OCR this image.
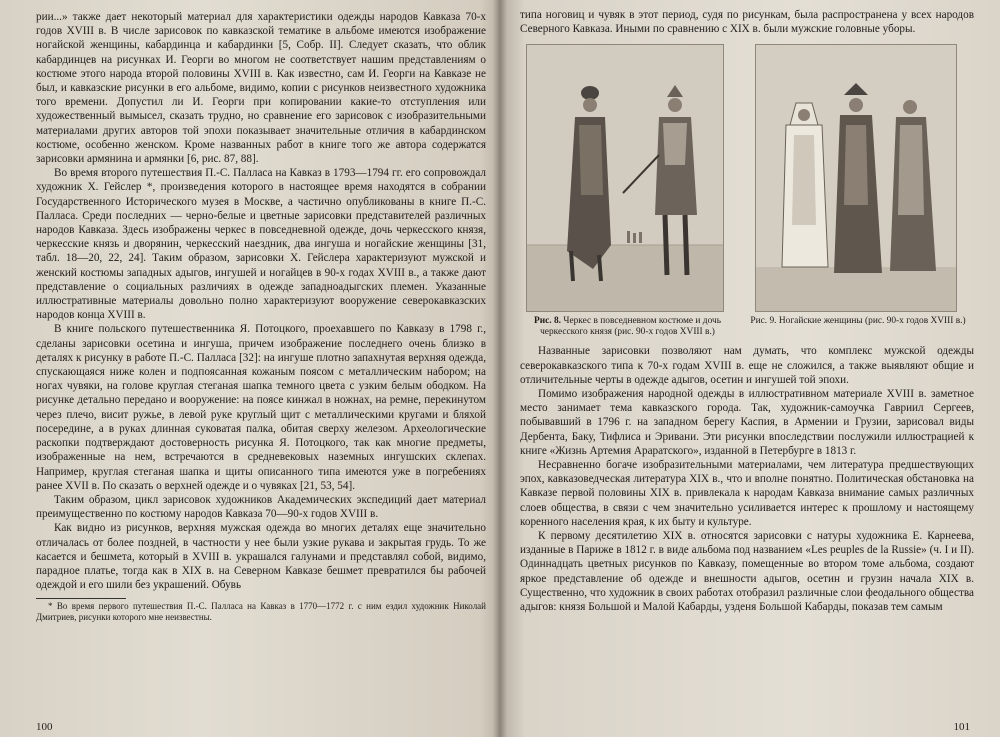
рии...» также дает некоторый материал для характеристики одежды народов Кавказа 70-х годов XVIII в. В числе зарисовок по кавказской тематике в альбоме имеются изображение ногайской женщины, кабардинца и кабардинки [5, Собр. II]. Следует сказать, что облик кабардинцев на рисунках И. Георги во многом не соответствует нашим представлениям о костюме этого народа второй половины XVIII в. Как известно, сам И. Георги на Кавказе не был, и кавказские рисунки в его альбоме, видимо, копии с рисунков неизвестного художника того времени. Допустил ли И. Георги при копировании какие-то отступления или художественный вымысел, сказать трудно, но сравнение его зарисовок с изобразительными материалами других авторов той эпохи показывает значительные отличия в кабардинском костюме, особенно женском. Кроме названных работ в книге того же автора содержатся зарисовки армянина и армянки [6, рис. 87, 88].

Во время второго путешествия П.-С. Палласа на Кавказ в 1793—1794 гг. его сопровождал художник Х. Гейслер *, произведения которого в настоящее время находятся в собрании Государственного Исторического музея в Москве, а частично опубликованы в книге П.-С. Палласа. Среди последних — черно-белые и цветные зарисовки представителей различных народов Кавказа. Здесь изображены черкес в повседневной одежде, дочь черкесского князя, черкесские князь и дворянин, черкесский наездник, два ингуша и ногайские женщины [31, табл. 18—20, 22, 24]. Таким образом, зарисовки Х. Гейслера характеризуют мужской и женский костюмы западных адыгов, ингушей и ногайцев в 90-х годах XVIII в., а также дают представление о социальных различиях в одежде западноадыгских племен. Указанные иллюстративные материалы довольно полно характеризуют вооружение северокавказских народов конца XVIII в.

В книге польского путешественника Я. Потоцкого, проехавшего по Кавказу в 1798 г., сделаны зарисовки осетина и ингуша, причем изображение последнего очень близко в деталях к рисунку в работе П.-С. Палласа [32]: на ингуше плотно запахнутая верхняя одежда, спускающаяся ниже колен и подпоясанная кожаным поясом с металлическим набором; на ногах чувяки, на голове круглая стеганая шапка темного цвета с узким белым ободком. На рисунке детально передано и вооружение: на поясе кинжал в ножнах, на ремне, перекинутом через плечо, висит ружье, в левой руке круглый щит с металлическими кругами и бляхой посередине, а в руках длинная суковатая палка, обитая сверху железом. Археологические раскопки подтверждают достоверность рисунка Я. Потоцкого, так как многие предметы, изображенные на нем, встречаются в средневековых наземных ингушских склепах. Например, круглая стеганая шапка и щиты описанного типа имеются уже в погребениях ранее XVII в. По сказать о верхней одежде и о чувяках [21, 53, 54].

Таким образом, цикл зарисовок художников Академических экспедиций дает материал преимущественно по костюму народов Кавказа 70—90-х годов XVIII в.

Как видно из рисунков, верхняя мужская одежда во многих деталях еще значительно отличалась от более поздней, в частности у нее были узкие рукава и закрытая грудь. То же касается и бешмета, который в XVIII в. украшался галунами и представлял собой, видимо, парадное платье, тогда как в XIX в. на Северном Кавказе бешмет превратился бы рабочей одеждой и его шили без украшений. Обувь

* Во время первого путешествия П.-С. Палласа на Кавказ в 1770—1772 г. с ним ездил художник Николай Дмитриев, рисунки которого мне неизвестны.

100

типа ноговиц и чувяк в этот период, судя по рисункам, была распространена у всех народов Северного Кавказа. Иными по сравнению с XIX в. были мужские головные уборы.

Рис. 8. Черкес в повседневном костюме и дочь черкесского князя (рис. 90-х годов XVIII в.)
Рис. 9. Ногайские женщины (рис. 90-х годов XVIII в.)

Названные зарисовки позволяют нам думать, что комплекс мужской одежды северокавказского типа к 70-х годам XVIII в. еще не сложился, а также выявляют общие и отличительные черты в одежде адыгов, осетин и ингушей той эпохи.

Помимо изображения народной одежды в иллюстративном материале XVIII в. заметное место занимает тема кавказского города. Так, художник-самоучка Гавриил Сергеев, побывавший в 1796 г. на западном берегу Каспия, в Армении и Грузии, зарисовал виды Дербента, Баку, Тифлиса и Эривани. Эти рисунки впоследствии послужили иллюстрацией к книге «Жизнь Артемия Араратского», изданной в Петербурге в 1813 г.

Несравненно богаче изобразительными материалами, чем литература предшествующих эпох, кавказоведческая литература XIX в., что и вполне понятно. Политическая обстановка на Кавказе первой половины XIX в. привлекала к народам Кавказа внимание самых различных слоев общества, в связи с чем значительно усиливается интерес к прошлому и настоящему коренного населения края, к их быту и культуре.

К первому десятилетию XIX в. относятся зарисовки с натуры художника Е. Карнеева, изданные в Париже в 1812 г. в виде альбома под названием «Les peuples de la Russie» (ч. I и II). Одиннадцать цветных рисунков по Кавказу, помещенные во втором томе альбома, создают яркое представление об одежде и внешности адыгов, осетин и грузин начала XIX в. Существенно, что художник в своих работах отобразил различные слои феодального общества адыгов: князя Большой и Малой Кабарды, узденя Большой Кабарды, показав тем самым

101
